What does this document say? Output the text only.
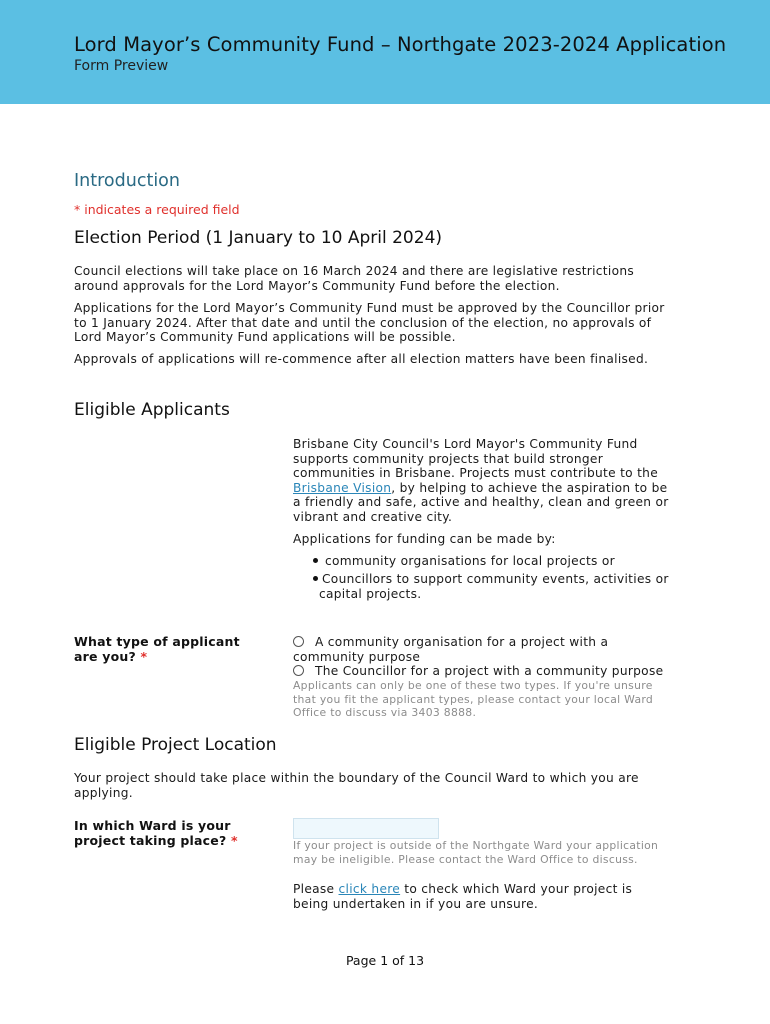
Lord Mayor’s Community Fund – Northgate 2023-2024 Application
Form Preview
Introduction
* indicates a required field
Election Period (1 January to 10 April 2024)
Council elections will take place on 16 March 2024 and there are legislative restrictions
around approvals for the Lord Mayor’s Community Fund before the election.
Applications for the Lord Mayor’s Community Fund must be approved by the Councillor prior
to 1 January 2024. After that date and until the conclusion of the election, no approvals of
Lord Mayor’s Community Fund applications will be possible.
Approvals of applications will re-commence after all election matters have been finalised.
Eligible Applicants
Brisbane City Council's Lord Mayor's Community Fund
supports community projects that build stronger
communities in Brisbane. Projects must contribute to the
Brisbane Vision, by helping to achieve the aspiration to be
a friendly and safe, active and healthy, clean and green or
vibrant and creative city.
Applications for funding can be made by:
community organisations for local projects or
Councillors to support community events, activities or
capital projects.
What type of applicant
are you? *
A community organisation for a project with a
community purpose
The Councillor for a project with a community purpose
Applicants can only be one of these two types. If you're unsure
that you fit the applicant types, please contact your local Ward
Office to discuss via 3403 8888.
Eligible Project Location
Your project should take place within the boundary of the Council Ward to which you are
applying.
In which Ward is your
project taking place? *	If your project is outside of the Northgate Ward your application
may be ineligible. Please contact the Ward Office to discuss.
Please click here to check which Ward your project is
being undertaken in if you are unsure.
Page 1 of 13
